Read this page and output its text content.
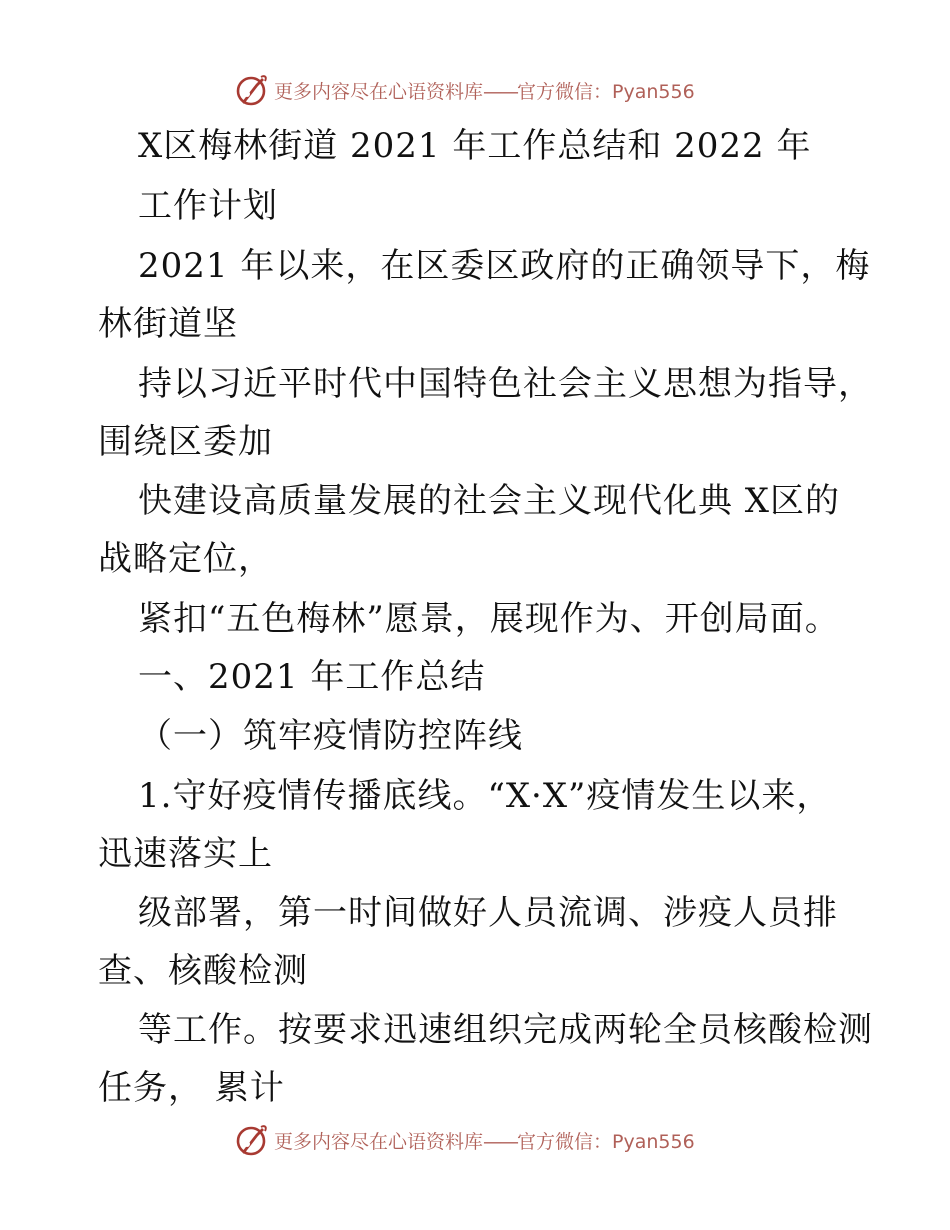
更多内容尽在心语资料库——官方微信：Pyan556
X区梅林街道 2021 年工作总结和 2022 年
工作计划
2021 年以来，在区委区政府的正确领导下，梅
林街道坚
持以习近平时代中国特色社会主义思想为指导，
围绕区委加
快建设高质量发展的社会主义现代化典 X区的
战略定位，
紧扣“五色梅林”愿景，展现作为、开创局面。
一、2021 年工作总结
（一）筑牢疫情防控阵线
1.守好疫情传播底线。“X·X”疫情发生以来，
迅速落实上
级部署，第一时间做好人员流调、涉疫人员排
查、核酸检测
等工作。按要求迅速组织完成两轮全员核酸检测
任务， 累计
更多内容尽在心语资料库——官方微信：Pyan556
